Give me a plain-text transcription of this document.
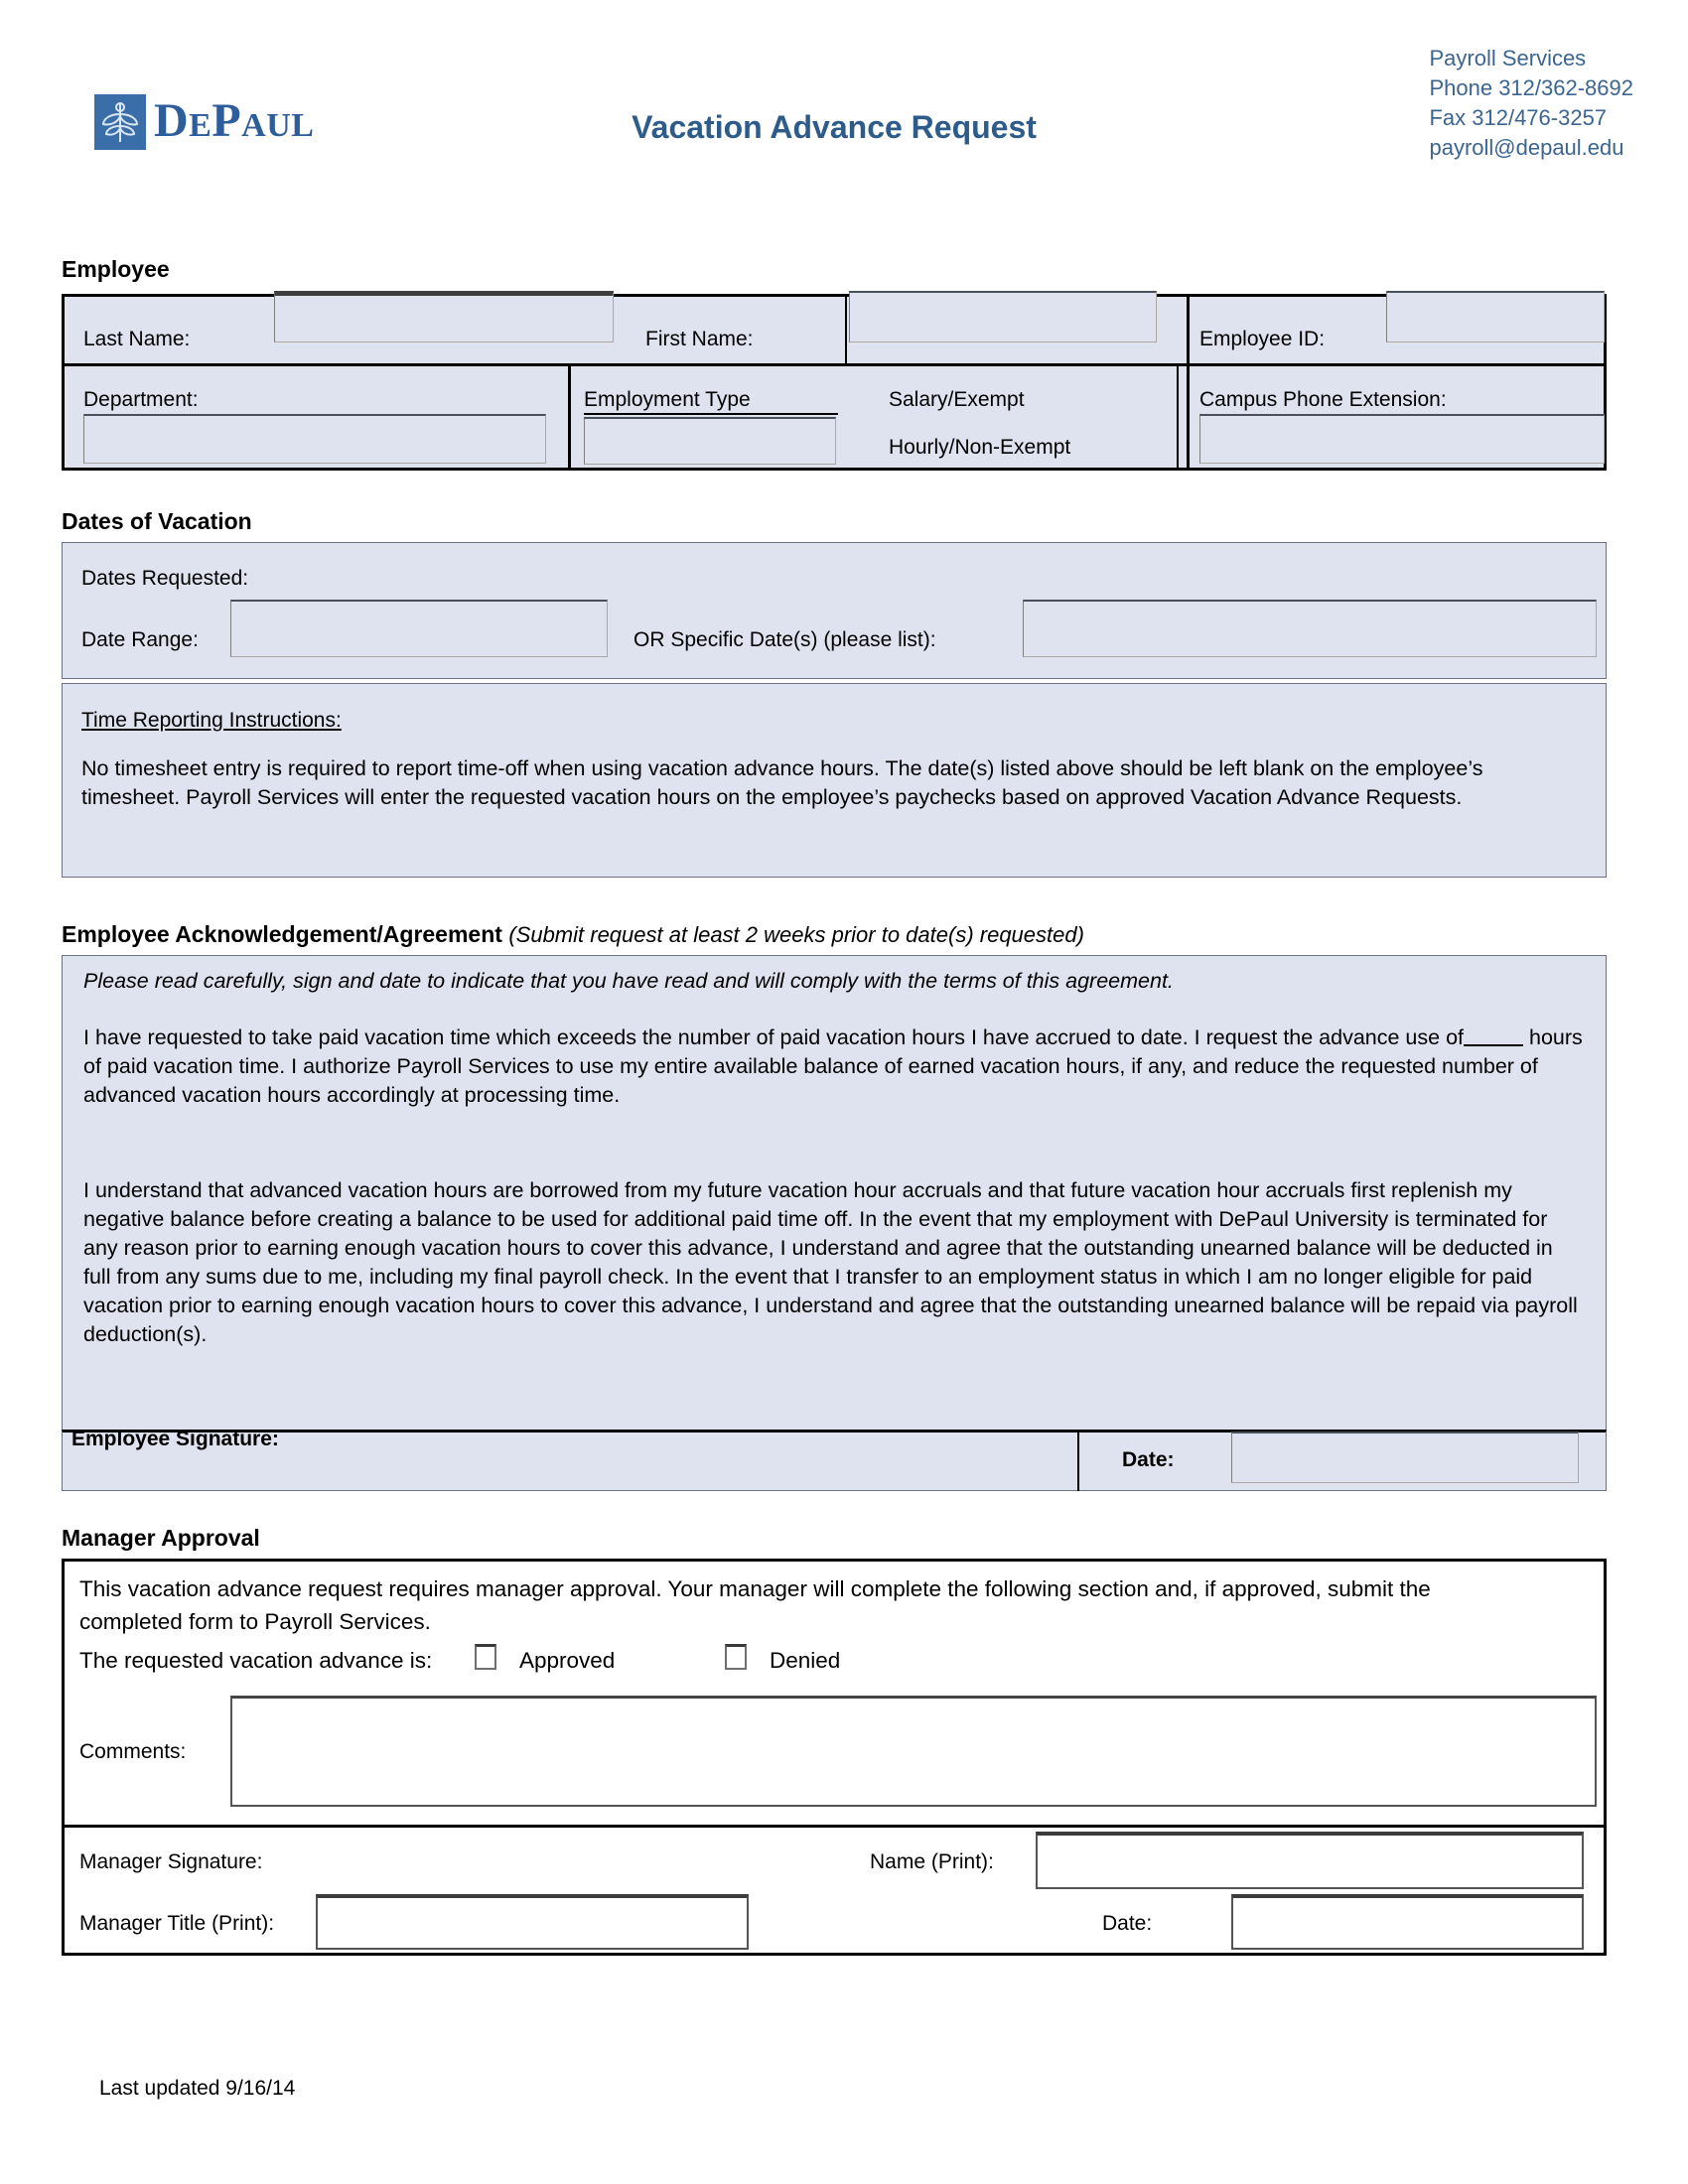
DePaul	Vacation Advance Request
Payroll Services
Phone 312/362-8692
Fax 312/476-3257
payroll@depaul.edu
Employee
Last Name:	First Name:	Employee ID:
Department:	Employment Type	Salary/Exempt
Hourly/Non-Exempt
Campus Phone Extension:
Dates of Vacation
Dates Requested:
Date Range:	OR Specific Date(s) (please list):
Time Reporting Instructions:
No timesheet entry is required to report time-off when using vacation advance hours. The date(s) listed above should be left blank on the employee’s timesheet. Payroll Services will enter the requested vacation hours on the employee’s paychecks based on approved Vacation Advance Requests.
Employee Acknowledgement/Agreement (Submit request at least 2 weeks prior to date(s) requested)
Please read carefully, sign and date to indicate that you have read and will comply with the terms of this agreement.
I have requested to take paid vacation time which exceeds the number of paid vacation hours I have accrued to date. I request the advance use of	hours of paid vacation time. I authorize Payroll Services to use my entire available balance of earned vacation hours, if any, and reduce the requested number of advanced vacation hours accordingly at processing time.
I understand that advanced vacation hours are borrowed from my future vacation hour accruals and that future vacation hour accruals first replenish my negative balance before creating a balance to be used for additional paid time off. In the event that my employment with DePaul University is terminated for any reason prior to earning enough vacation hours to cover this advance, I understand and agree that the outstanding unearned balance will be deducted in full from any sums due to me, including my final payroll check. In the event that I transfer to an employment status in which I am no longer eligible for paid vacation prior to earning enough vacation hours to cover this advance, I understand and agree that the outstanding unearned balance will be repaid via payroll deduction(s).
Employee Signature:
Date:
Manager Approval
This vacation advance request requires manager approval. Your manager will complete the following section and, if approved, submit the completed form to Payroll Services.
The requested vacation advance is:	Approved	Denied
Comments:
Manager Signature:	Name (Print):
Manager Title (Print):	Date:
Last updated 9/16/14
